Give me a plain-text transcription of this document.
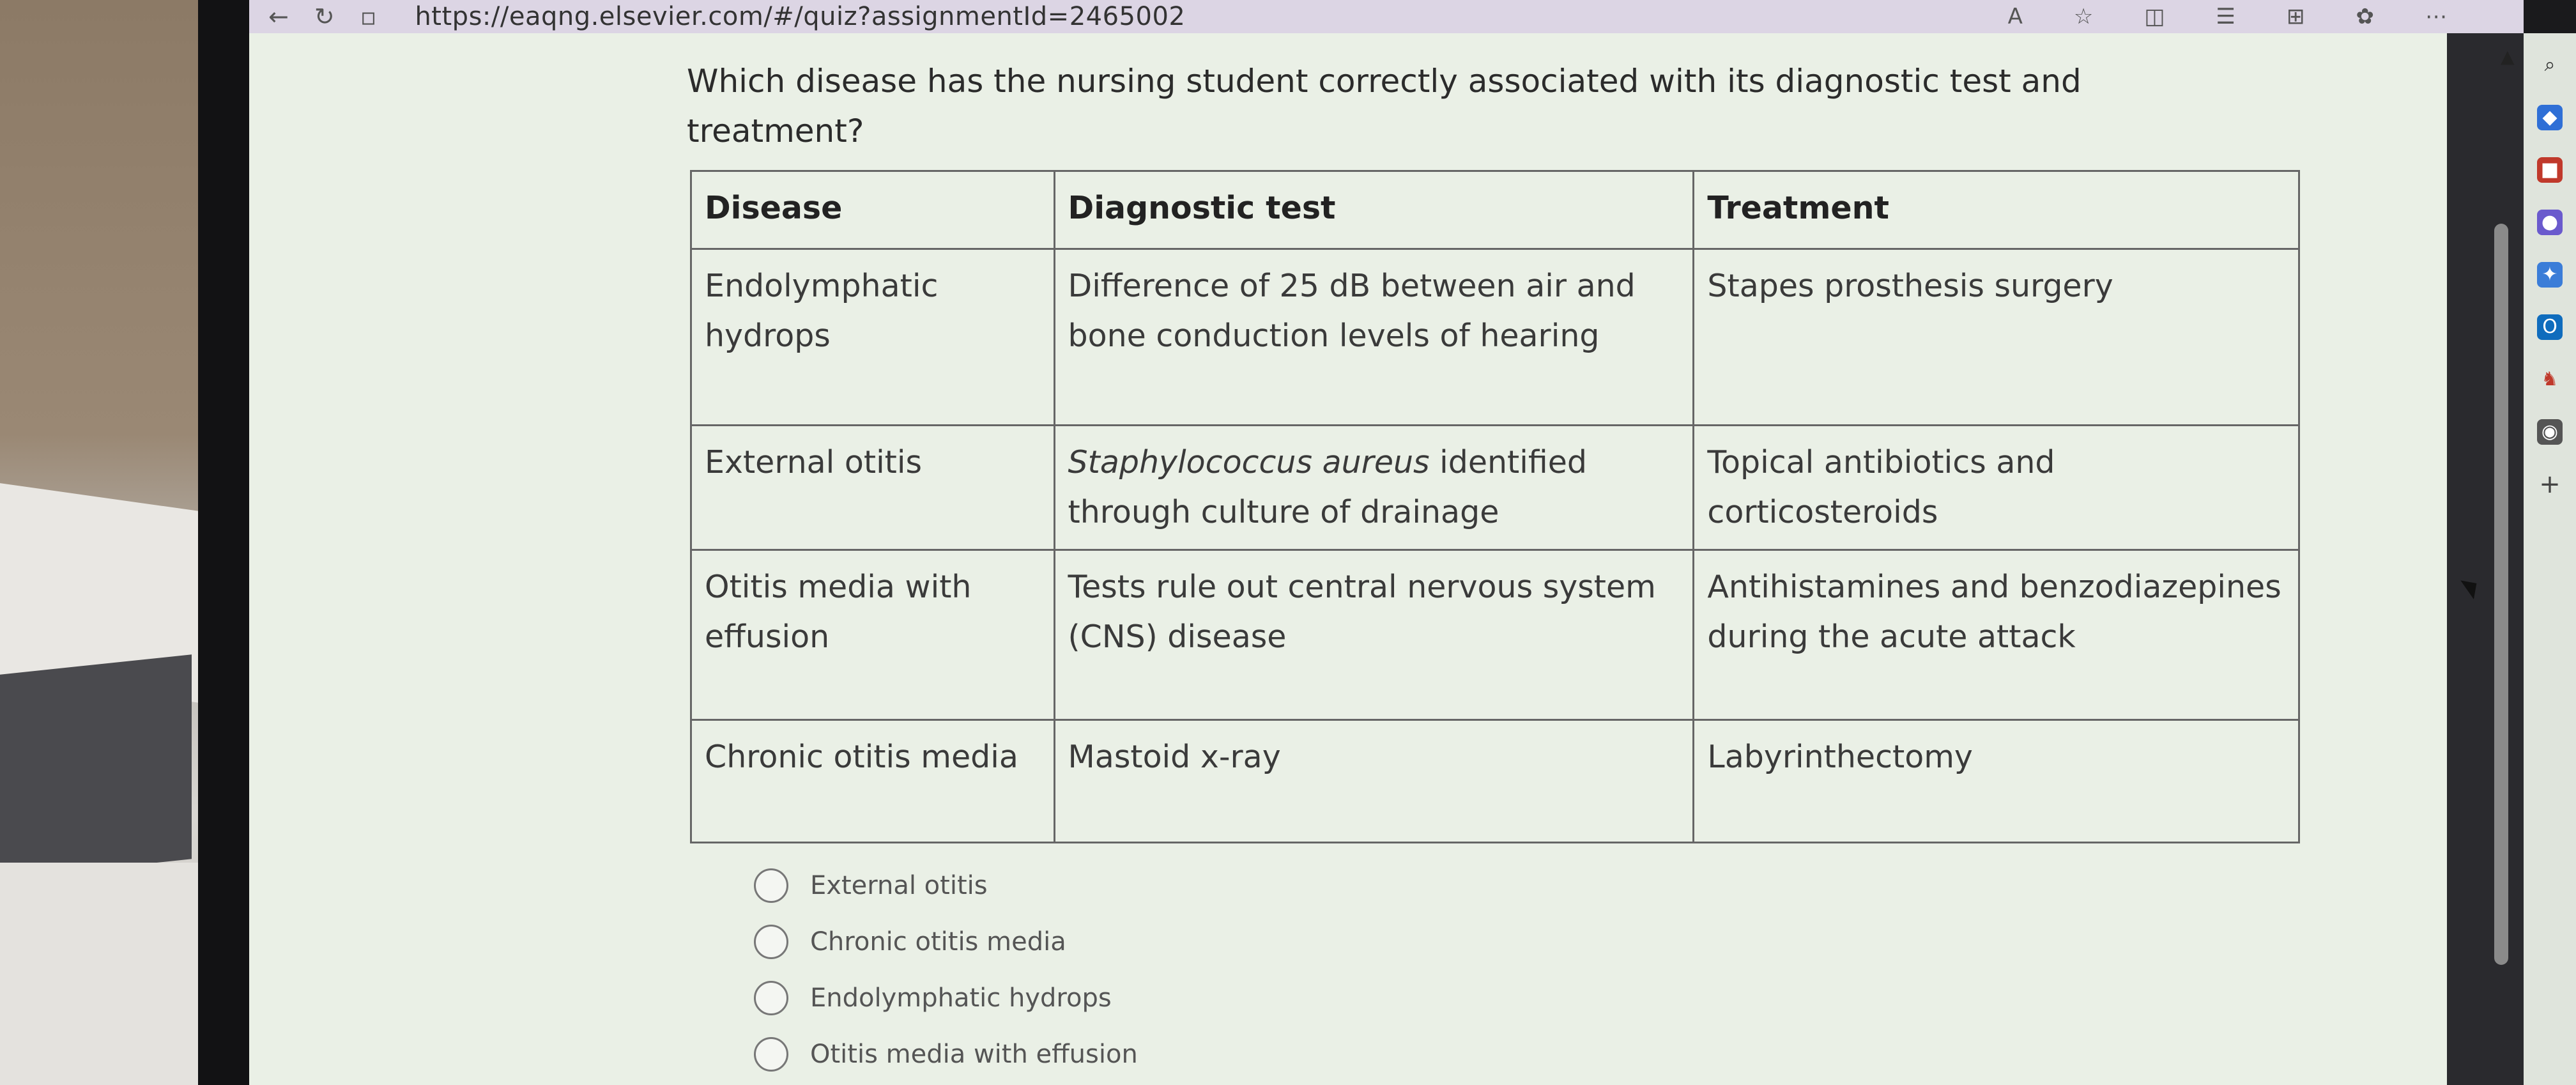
← ↻ ▫ https://eaqng.elsevier.com/#/quiz?assignmentId=2465002	A ☆ ◫ ☰ ⊞ ✿ ⋯
Which disease has the nursing student correctly associated with its diagnostic test and treatment?
Disease	Diagnostic test	Treatment
Endolymphatic hydrops	Difference of 25 dB between air and bone conduction levels of hearing	Stapes prosthesis surgery
External otitis	Staphylococcus aureus identified through culture of drainage	Topical antibiotics and corticosteroids
Otitis media with effusion	Tests rule out central nervous system (CNS) disease	Antihistamines and benzodiazepines during the acute attack
Chronic otitis media	Mastoid x-ray	Labyrinthectomy
External otitis
Chronic otitis media
Endolymphatic hydrops
Otitis media with effusion
▲	⌕
◆
■
●
✦
O
♞
◉
+
